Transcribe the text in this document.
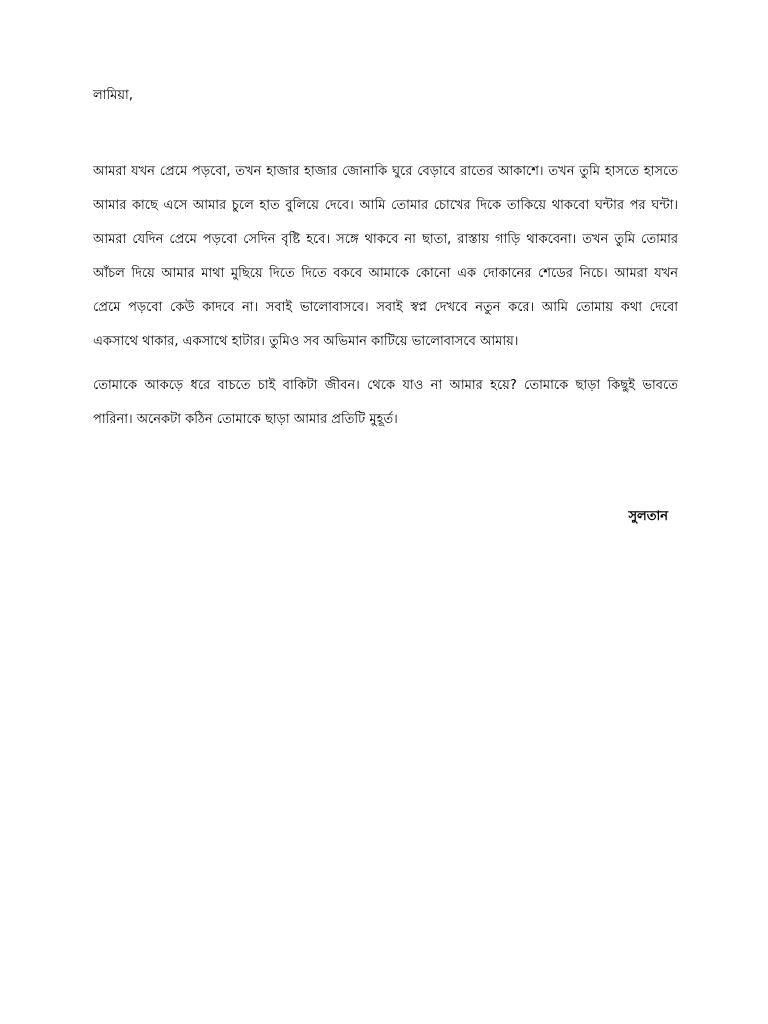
লামিয়া,
আমরা যখন প্রেমে পড়বো, তখন হাজার হাজার জোনাকি ঘুরে বেড়াবে রাতের আকাশে। তখন তুমি হাসতে হাসতে
আমার কাছে এসে আমার চুলে হাত বুলিয়ে দেবে। আমি তোমার চোখের দিকে তাকিয়ে থাকবো ঘন্টার পর ঘন্টা।
আমরা যেদিন প্রেমে পড়বো সেদিন বৃষ্টি হবে। সঙ্গে থাকবে না ছাতা, রাস্তায় গাড়ি থাকবেনা। তখন তুমি তোমার
আঁচল দিয়ে আমার মাথা মুছিয়ে দিতে দিতে বকবে আমাকে কোনো এক দোকানের শেডের নিচে। আমরা যখন
প্রেমে পড়বো কেউ কাদবে না। সবাই ভালোবাসবে। সবাই স্বপ্ন দেখবে নতুন করে। আমি তোমায় কথা দেবো
একসাথে থাকার, একসাথে হাটার। তুমিও সব অভিমান কাটিয়ে ভালোবাসবে আমায়।
তোমাকে আকড়ে ধরে বাচতে চাই বাকিটা জীবন। থেকে যাও না আমার হয়ে? তোমাকে ছাড়া কিছুই ভাবতে
পারিনা। অনেকটা কঠিন তোমাকে ছাড়া আমার প্রতিটি মুহূর্ত।
সুলতান
